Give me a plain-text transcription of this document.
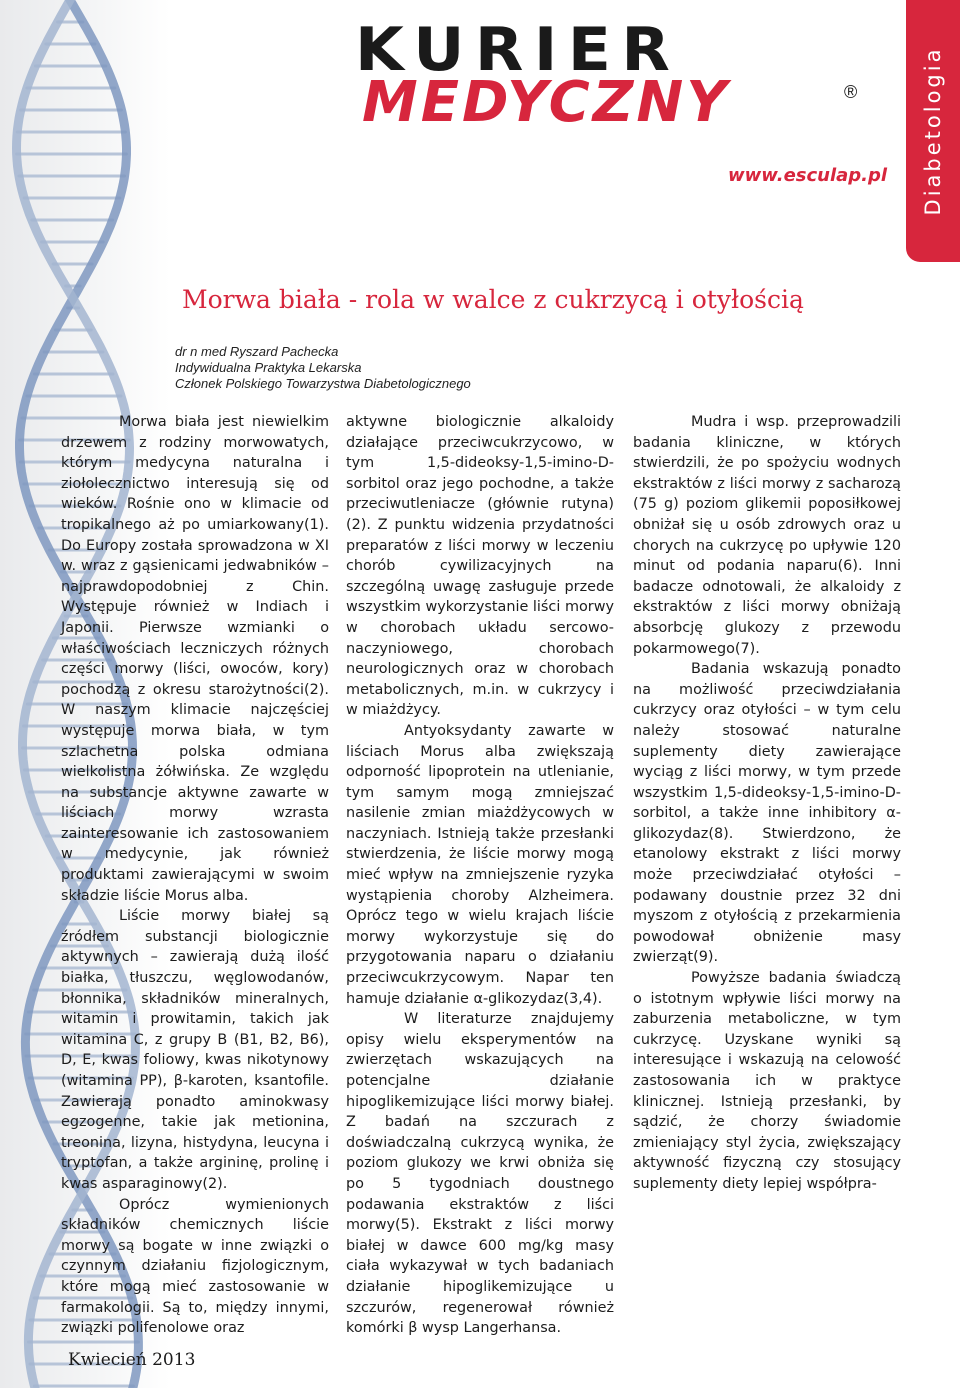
KURIER
MEDYCZNY	®
www.esculap.pl Diabetologia
Morwa biała - rola w walce z cukrzycą i otyłością
dr n med Ryszard Pachecka
Indywidualna Praktyka Lekarska
Członek Polskiego Towarzystwa Diabetologicznego

Morwa biała jest niewielkim drzewem z rodziny morwowatych, którym medycyna naturalna i ziołolecznictwo interesują się od wieków. Rośnie ono w klimacie od tropikalnego aż po umiarkowany(1). Do Europy została sprowadzona w XI w. wraz z gąsienicami jedwabników – najprawdopodobniej z Chin. Występuje również w Indiach i Japonii. Pierwsze wzmianki o właściwościach leczniczych różnych części morwy (liści, owoców, kory) pochodzą z okresu starożytności(2). W naszym klimacie najczęściej występuje morwa biała, w tym szlachetna polska odmiana wielkolistna żółwińska. Ze względu na substancje aktywne zawarte w liściach morwy wzrasta zainteresowanie ich zastosowaniem w medycynie, jak również produktami zawierającymi w swoim składzie liście Morus alba.

Liście morwy białej są źródłem substancji biologicznie aktywnych – zawierają dużą ilość białka, tłuszczu, węglowodanów, błonnika, składników mineralnych, witamin i prowitamin, takich jak witamina C, z grupy B (B1, B2, B6), D, E, kwas foliowy, kwas nikotynowy (witamina PP), β-karoten, ksantofile. Zawierają ponadto aminokwasy egzogenne, takie jak metionina, treonina, lizyna, histydyna, leucyna i tryptofan, a także argininę, prolinę i kwas asparaginowy(2).

Oprócz wymienionych składników chemicznych liście morwy są bogate w inne związki o czynnym działaniu fizjologicznym, które mogą mieć zastosowanie w farmakologii. Są to, między innymi, związki polifenolowe oraz

aktywne biologicznie alkaloidy działające przeciwcukrzycowo, w tym 1,5-dideoksy-1,5-imino-D-sorbitol oraz jego pochodne, a także przeciwutleniacze (głównie rutyna)(2). Z punktu widzenia przydatności preparatów z liści morwy w leczeniu chorób cywilizacyjnych na szczególną uwagę zasługuje przede wszystkim wykorzystanie liści morwy w chorobach układu sercowo-naczyniowego, chorobach neurologicznych oraz w chorobach metabolicznych, m.in. w cukrzycy i w miażdżycy.

Antyoksydanty zawarte w liściach Morus alba zwiększają odporność lipoprotein na utlenianie, tym samym mogą zmniejszać nasilenie zmian miażdżycowych w naczyniach. Istnieją także przesłanki stwierdzenia, że liście morwy mogą mieć wpływ na zmniejszenie ryzyka wystąpienia choroby Alzheimera. Oprócz tego w wielu krajach liście morwy wykorzystuje się do przygotowania naparu o działaniu przeciwcukrzycowym. Napar ten hamuje działanie α-glikozydaz(3,4).

W literaturze znajdujemy opisy wielu eksperymentów na zwierzętach wskazujących na potencjalne działanie hipoglikemizujące liści morwy białej. Z badań na szczurach z doświadczalną cukrzycą wynika, że poziom glukozy we krwi obniża się po 5 tygodniach doustnego podawania ekstraktów z liści morwy(5). Ekstrakt z liści morwy białej w dawce 600 mg/kg masy ciała wykazywał w tych badaniach działanie hipoglikemizujące u szczurów, regenerował również komórki β wysp Langerhansa.

Mudra i wsp. przeprowadzili badania kliniczne, w których stwierdzili, że po spożyciu wodnych ekstraktów z liści morwy z sacharozą (75 g) poziom glikemii poposiłkowej obniżał się u osób zdrowych oraz u chorych na cukrzycę po upływie 120 minut od podania naparu(6). Inni badacze odnotowali, że alkaloidy z ekstraktów z liści morwy obniżają absorbcję glukozy z przewodu pokarmowego(7).

Badania wskazują ponadto na możliwość przeciwdziałania cukrzycy oraz otyłości – w tym celu należy stosować naturalne suplementy diety zawierające wyciąg z liści morwy, w tym przede wszystkim 1,5-dideoksy-1,5-imino-D-sorbitol, a także inne inhibitory α-glikozydaz(8). Stwierdzono, że etanolowy ekstrakt z liści morwy może przeciwdziałać otyłości – podawany doustnie przez 32 dni myszom z otyłością z przekarmienia powodował obniżenie masy zwierząt(9).

Powyższe badania świadczą o istotnym wpływie liści morwy na zaburzenia metaboliczne, w tym cukrzycę. Uzyskane wyniki są interesujące i wskazują na celowość zastosowania ich w praktyce klinicznej. Istnieją przesłanki, by sądzić, że chorzy świadomie zmieniający styl życia, zwiększający aktywność fizyczną czy stosujący suplementy diety lepiej współpra-

Kwiecień 2013
